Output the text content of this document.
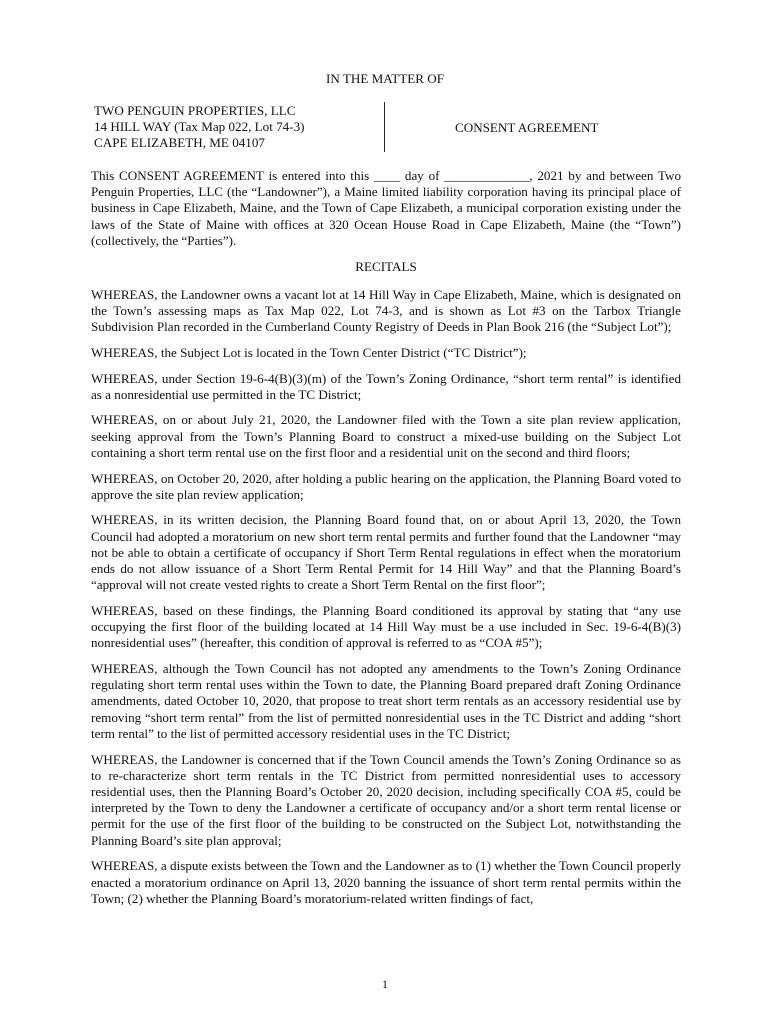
IN THE MATTER OF
TWO PENGUIN PROPERTIES, LLC
14 HILL WAY (Tax Map 022, Lot 74-3)
CAPE ELIZABETH, ME 04107
CONSENT AGREEMENT

This CONSENT AGREEMENT is entered into this ____ day of _____________, 2021 by and between Two Penguin Properties, LLC (the “Landowner”), a Maine limited liability corporation having its principal place of business in Cape Elizabeth, Maine, and the Town of Cape Elizabeth, a municipal corporation existing under the laws of the State of Maine with offices at 320 Ocean House Road in Cape Elizabeth, Maine (the “Town”) (collectively, the “Parties”).

RECITALS

WHEREAS, the Landowner owns a vacant lot at 14 Hill Way in Cape Elizabeth, Maine, which is designated on the Town’s assessing maps as Tax Map 022, Lot 74-3, and is shown as Lot #3 on the Tarbox Triangle Subdivision Plan recorded in the Cumberland County Registry of Deeds in Plan Book 216 (the “Subject Lot”);

WHEREAS, the Subject Lot is located in the Town Center District (“TC District”);

WHEREAS, under Section 19-6-4(B)(3)(m) of the Town’s Zoning Ordinance, “short term rental” is identified as a nonresidential use permitted in the TC District;

WHEREAS, on or about July 21, 2020, the Landowner filed with the Town a site plan review application, seeking approval from the Town’s Planning Board to construct a mixed-use building on the Subject Lot containing a short term rental use on the first floor and a residential unit on the second and third floors;

WHEREAS, on October 20, 2020, after holding a public hearing on the application, the Planning Board voted to approve the site plan review application;

WHEREAS, in its written decision, the Planning Board found that, on or about April 13, 2020, the Town Council had adopted a moratorium on new short term rental permits and further found that the Landowner “may not be able to obtain a certificate of occupancy if Short Term Rental regulations in effect when the moratorium ends do not allow issuance of a Short Term Rental Permit for 14 Hill Way” and that the Planning Board’s “approval will not create vested rights to create a Short Term Rental on the first floor”;

WHEREAS, based on these findings, the Planning Board conditioned its approval by stating that “any use occupying the first floor of the building located at 14 Hill Way must be a use included in Sec. 19-6-4(B)(3) nonresidential uses” (hereafter, this condition of approval is referred to as “COA #5”);

WHEREAS, although the Town Council has not adopted any amendments to the Town’s Zoning Ordinance regulating short term rental uses within the Town to date, the Planning Board prepared draft Zoning Ordinance amendments, dated October 10, 2020, that propose to treat short term rentals as an accessory residential use by removing “short term rental” from the list of permitted nonresidential uses in the TC District and adding “short term rental” to the list of permitted accessory residential uses in the TC District;

WHEREAS, the Landowner is concerned that if the Town Council amends the Town’s Zoning Ordinance so as to re-characterize short term rentals in the TC District from permitted nonresidential uses to accessory residential uses, then the Planning Board’s October 20, 2020 decision, including specifically COA #5, could be interpreted by the Town to deny the Landowner a certificate of occupancy and/or a short term rental license or permit for the use of the first floor of the building to be constructed on the Subject Lot, notwithstanding the Planning Board’s site plan approval;

WHEREAS, a dispute exists between the Town and the Landowner as to (1) whether the Town Council properly enacted a moratorium ordinance on April 13, 2020 banning the issuance of short term rental permits within the Town; (2) whether the Planning Board’s moratorium-related written findings of fact,

1
